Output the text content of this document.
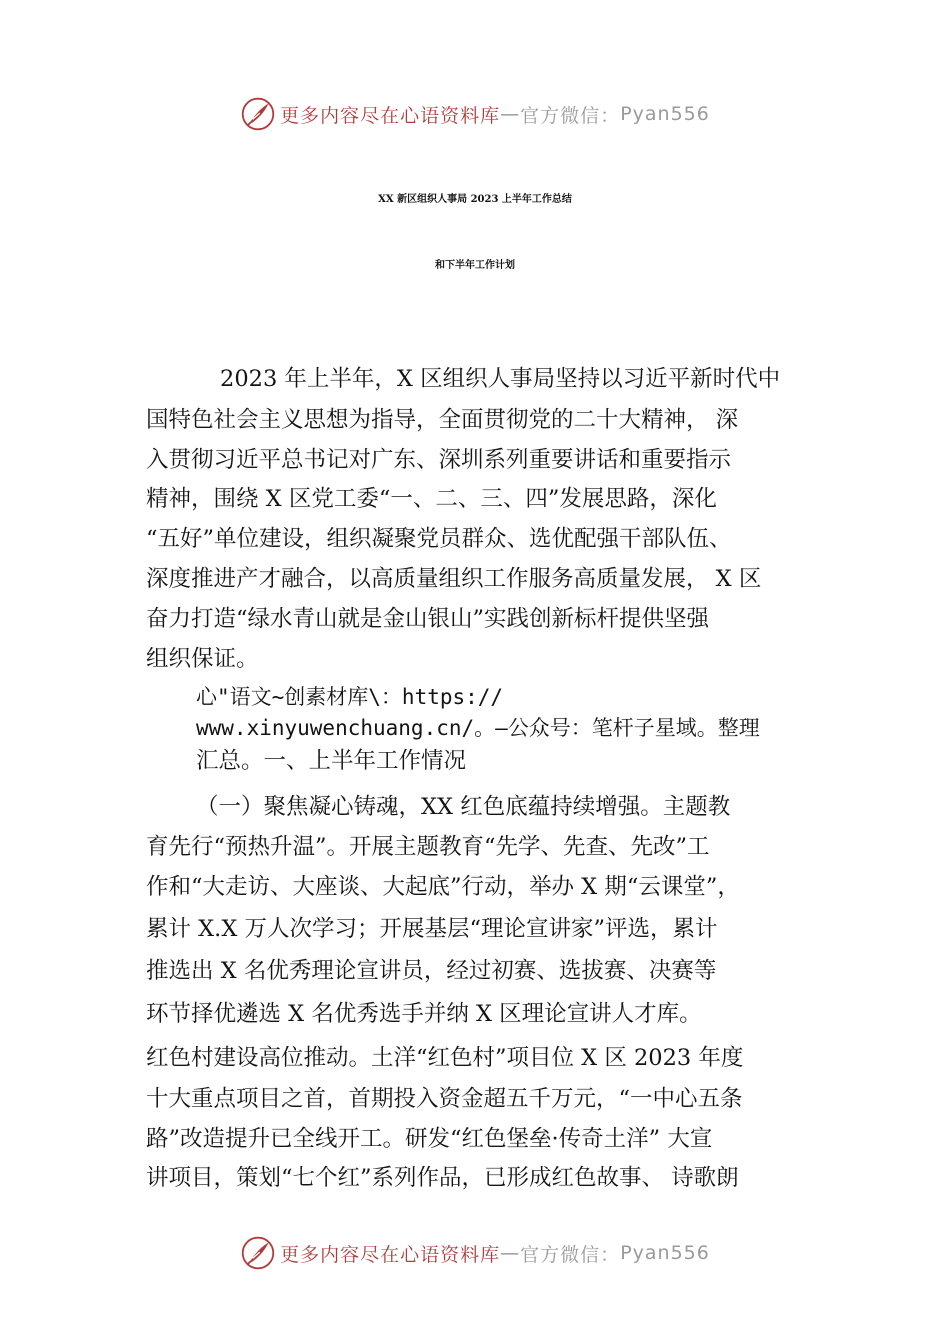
更多内容尽在心语资料库 — 官方微信： Pyan556
XX 新区组织人事局 2023 上半年工作总结
和下半年工作计划
2023 年上半年，X 区组织人事局坚持以习近平新时代中
国特色社会主义思想为指导，全面贯彻党的二十大精神， 深
入贯彻习近平总书记对广东、深圳系列重要讲话和重要指示
精神，围绕 X 区党工委“一、二、三、四”发展思路，深化
“五好”单位建设，组织凝聚党员群众、选优配强干部队伍、
深度推进产才融合，以高质量组织工作服务高质量发展， X 区
奋力打造“绿水青山就是金山银山”实践创新标杆提供坚强
组织保证。
心"语文~创素材库\：https://
www.xinyuwenchuang.cn/。—公众号：笔杆子星域。整理
汇总。一、上半年工作情况
（一）聚焦凝心铸魂，XX 红色底蕴持续增强。主题教
育先行“预热升温”。开展主题教育“先学、先查、先改”工
作和“大走访、大座谈、大起底”行动，举办 X 期“云课堂”，
累计 X.X 万人次学习；开展基层“理论宣讲家”评选，累计
推选出 X 名优秀理论宣讲员，经过初赛、选拔赛、决赛等
环节择优遴选 X 名优秀选手并纳 X 区理论宣讲人才库。
红色村建设高位推动。土洋“红色村”项目位 X 区 2023 年度
十大重点项目之首，首期投入资金超五千万元，“一中心五条
路”改造提升已全线开工。研发“红色堡垒·传奇土洋” 大宣
讲项目，策划“七个红”系列作品，已形成红色故事、 诗歌朗
更多内容尽在心语资料库 — 官方微信： Pyan556
